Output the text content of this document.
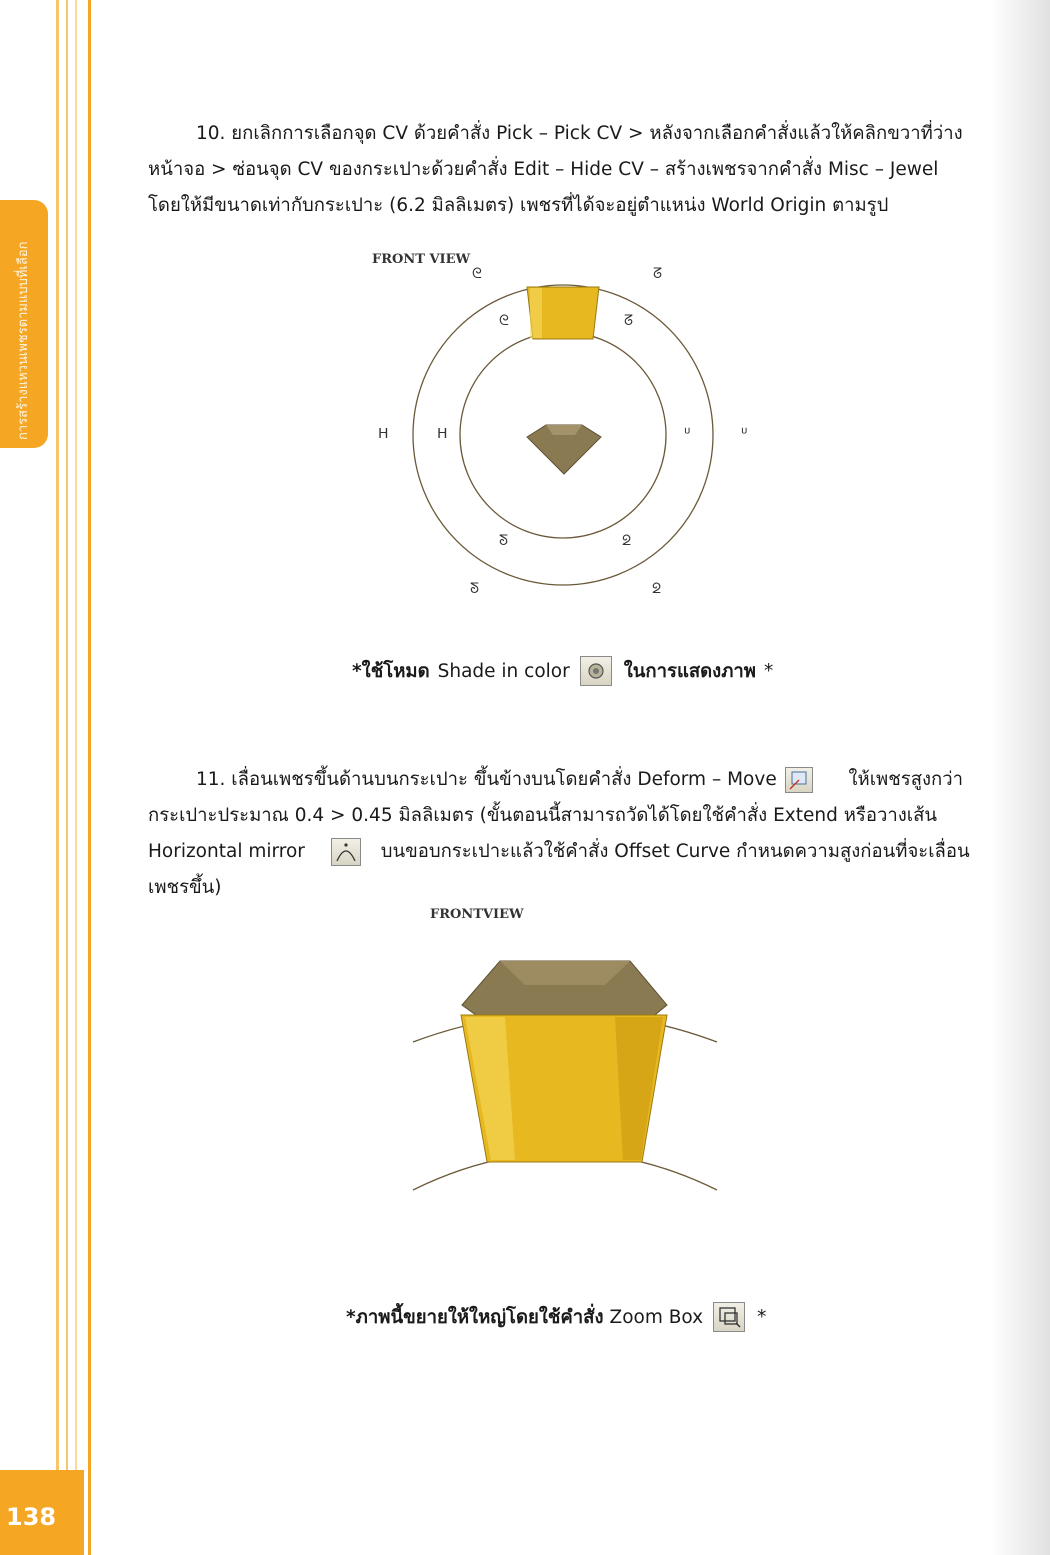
การสร้างแหวนเพชรตามแบบที่เลือก
138
10. ยกเลิกการเลือกจุด CV ด้วยคำสั่ง Pick – Pick CV > หลังจากเลือกคำสั่งแล้วให้คลิกขวาที่ว่าง
หน้าจอ > ซ่อนจุด CV ของกระเปาะด้วยคำสั่ง Edit – Hide CV – สร้างเพชรจากคำสั่ง Misc – Jewel
โดยให้มีขนาดเท่ากับกระเปาะ (6.2 มิลลิเมตร) เพชรที่ได้จะอยู่ตำแหน่ง World Origin ตามรูป
FRONT VIEW
ᘓ	ᘔ
ᘓ	ᘔ
ᕼ	ᕼ	ᓑ	ᓑ
ᘕ	ᘖ
ᘕ	ᘖ
*ใช้โหมด Shade in color	ในการแสดงภาพ *
11. เลื่อนเพชรขึ้นด้านบนกระเปาะ ขึ้นข้างบนโดยคำสั่ง Deform – Move	ให้เพชรสูงกว่า
กระเปาะประมาณ 0.4 > 0.45 มิลลิเมตร (ขั้นตอนนี้สามารถวัดได้โดยใช้คำสั่ง Extend หรือวางเส้น
Horizontal mirror	บนขอบกระเปาะแล้วใช้คำสั่ง Offset Curve กำหนดความสูงก่อนที่จะเลื่อน
เพชรขึ้น)
FRONTVIEW
*ภาพนี้ขยายให้ใหญ่โดยใช้คำสั่ง Zoom Box	*
